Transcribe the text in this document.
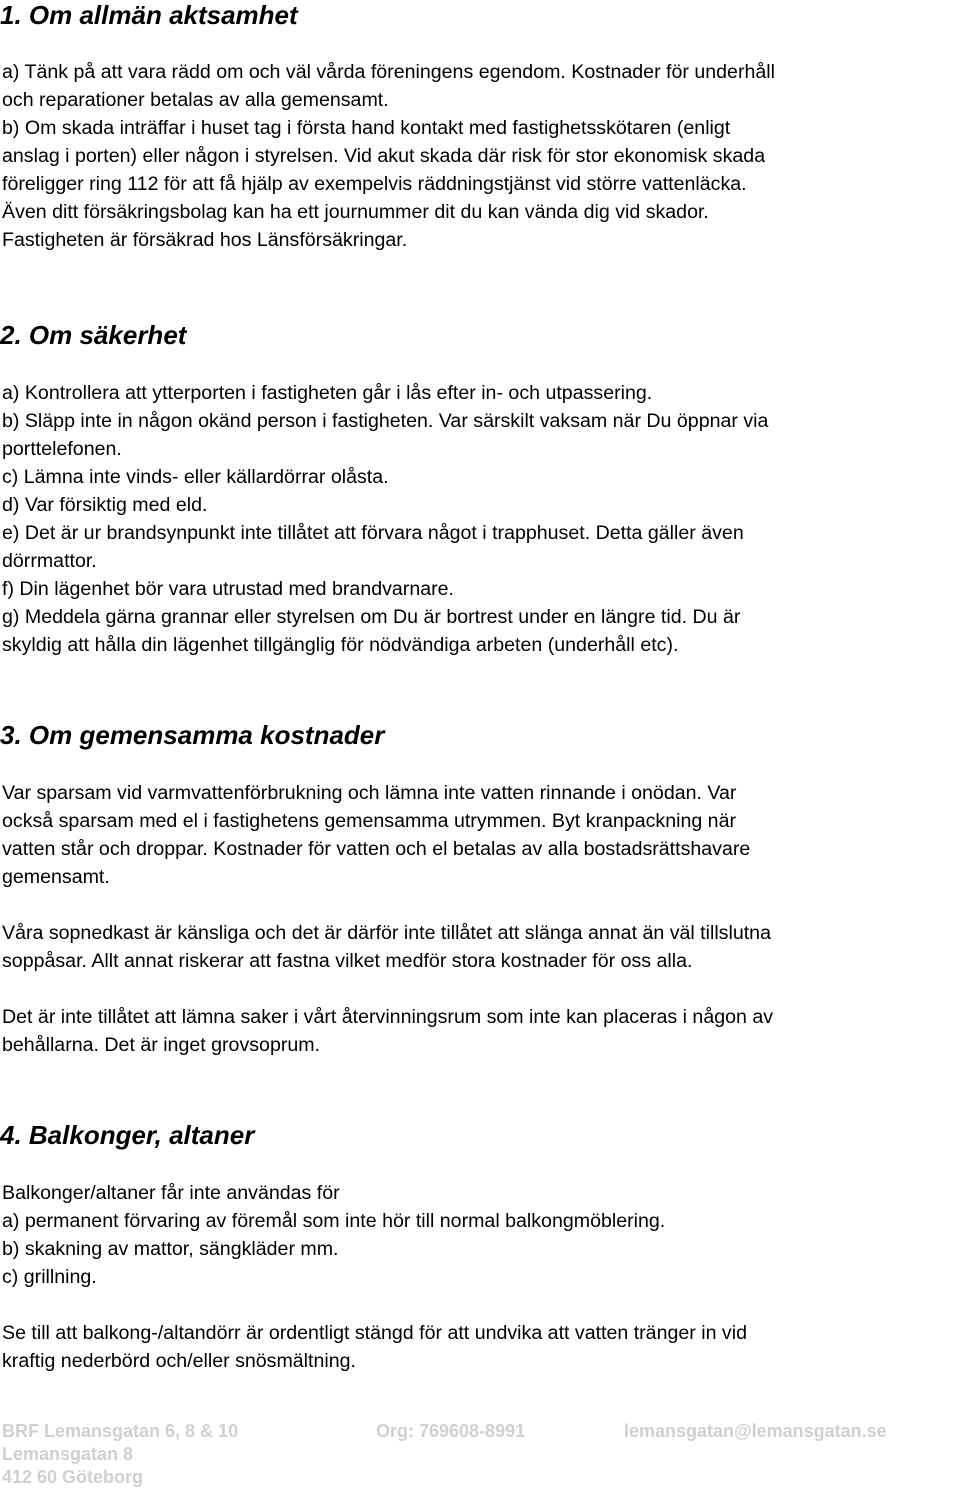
1. Om allmän aktsamhet

a) Tänk på att vara rädd om och väl vårda föreningens egendom. Kostnader för underhåll
och reparationer betalas av alla gemensamt.
b) Om skada inträffar i huset tag i första hand kontakt med fastighetsskötaren (enligt
anslag i porten) eller någon i styrelsen. Vid akut skada där risk för stor ekonomisk skada
föreligger ring 112 för att få hjälp av exempelvis räddningstjänst vid större vattenläcka.
Även ditt försäkringsbolag kan ha ett journummer dit du kan vända dig vid skador.
Fastigheten är försäkrad hos Länsförsäkringar.

2. Om säkerhet

a) Kontrollera att ytterporten i fastigheten går i lås efter in- och utpassering.
b) Släpp inte in någon okänd person i fastigheten. Var särskilt vaksam när Du öppnar via
porttelefonen.
c) Lämna inte vinds- eller källardörrar olåsta.
d) Var försiktig med eld.
e) Det är ur brandsynpunkt inte tillåtet att förvara något i trapphuset. Detta gäller även
dörrmattor.
f) Din lägenhet bör vara utrustad med brandvarnare.
g) Meddela gärna grannar eller styrelsen om Du är bortrest under en längre tid. Du är
skyldig att hålla din lägenhet tillgänglig för nödvändiga arbeten (underhåll etc).

3. Om gemensamma kostnader

Var sparsam vid varmvattenförbrukning och lämna inte vatten rinnande i onödan. Var
också sparsam med el i fastighetens gemensamma utrymmen. Byt kranpackning när
vatten står och droppar. Kostnader för vatten och el betalas av alla bostadsrättshavare
gemensamt.

Våra sopnedkast är känsliga och det är därför inte tillåtet att slänga annat än väl tillslutna
soppåsar. Allt annat riskerar att fastna vilket medför stora kostnader för oss alla.

Det är inte tillåtet att lämna saker i vårt återvinningsrum som inte kan placeras i någon av
behållarna. Det är inget grovsoprum.

4. Balkonger, altaner

Balkonger/altaner får inte användas för
a) permanent förvaring av föremål som inte hör till normal balkongmöblering.
b) skakning av mattor, sängkläder mm.
c) grillning.

Se till att balkong-/altandörr är ordentligt stängd för att undvika att vatten tränger in vid
kraftig nederbörd och/eller snösmältning.

BRF Lemansgatan 6, 8 & 10	Org: 769608-8991	lemansgatan@lemansgatan.se
Lemansgatan 8
412 60 Göteborg
